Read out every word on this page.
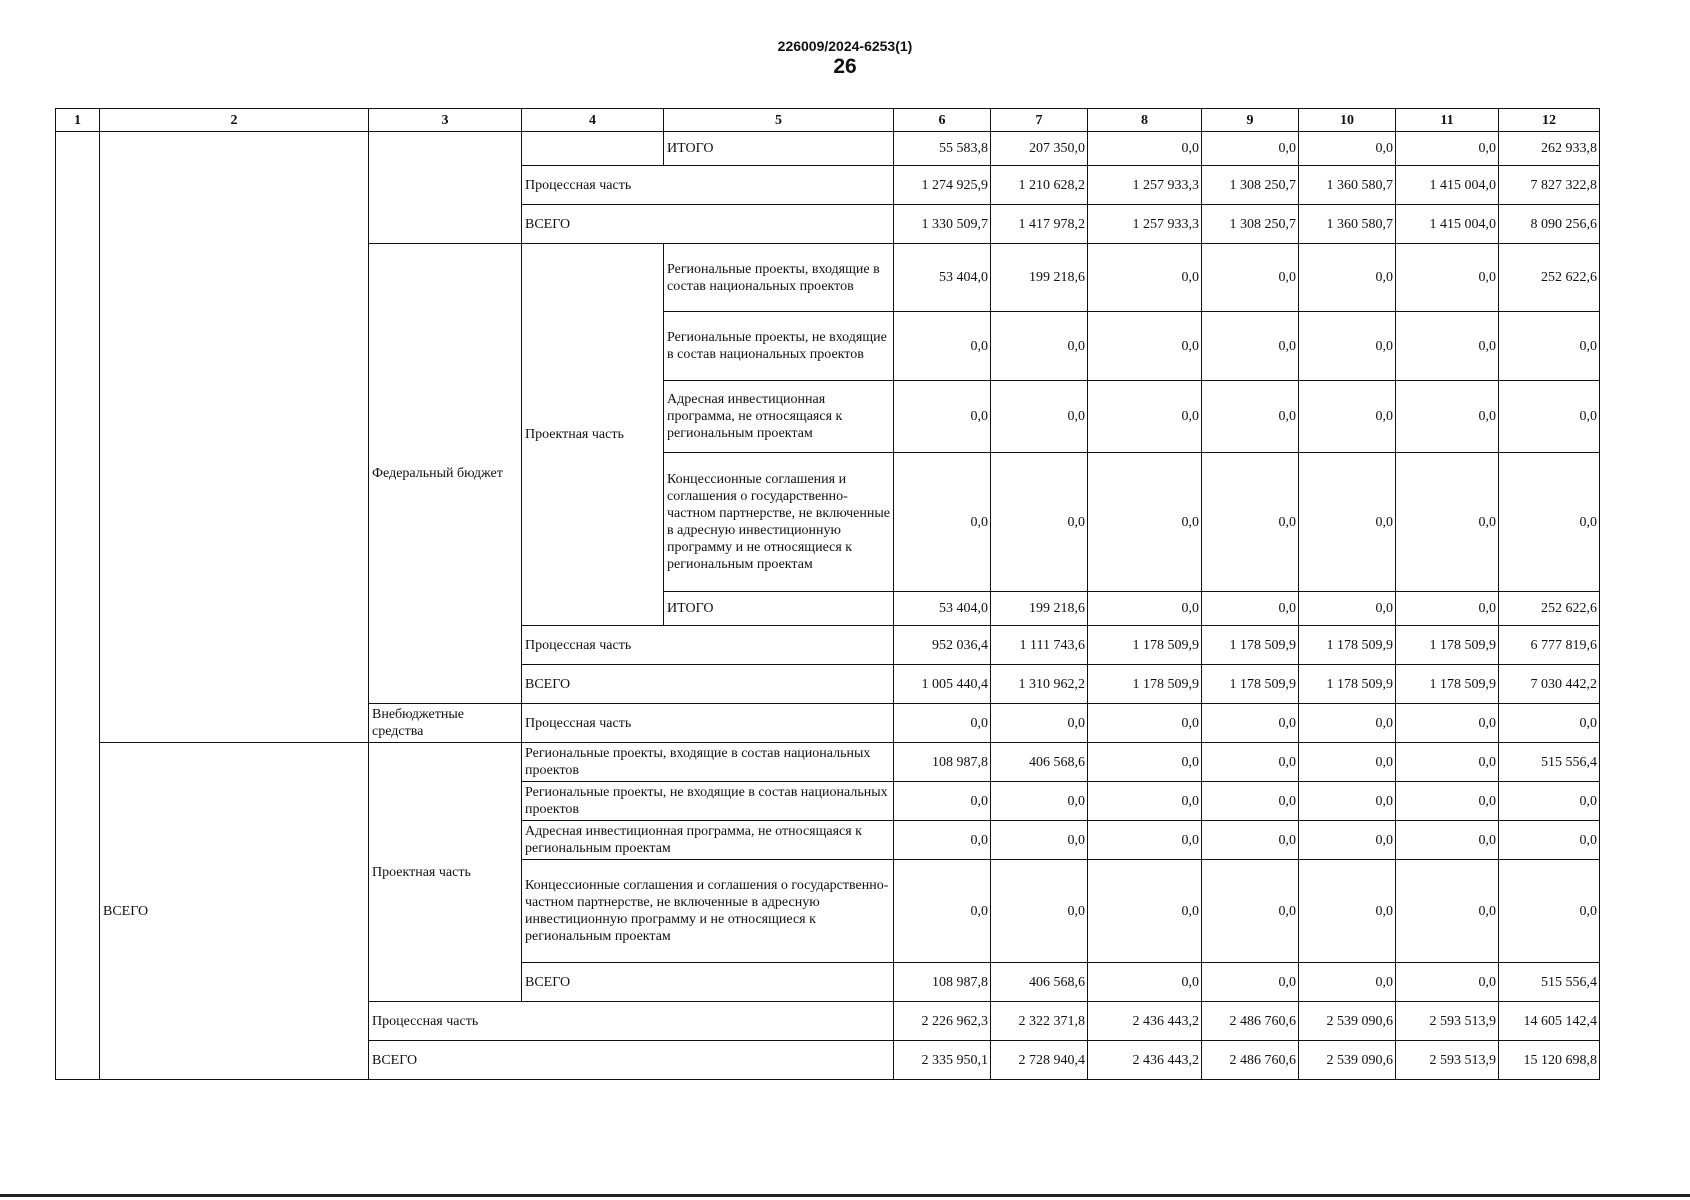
226009/2024-6253(1)
26
1	2	3	4	5	6	7	8	9	10	11	12
				ИТОГО	55 583,8	207 350,0	0,0	0,0	0,0	0,0	262 933,8
			Процессная часть		1 274 925,9	1 210 628,2	1 257 933,3	1 308 250,7	1 360 580,7	1 415 004,0	7 827 322,8
			ВСЕГО		1 330 509,7	1 417 978,2	1 257 933,3	1 308 250,7	1 360 580,7	1 415 004,0	8 090 256,6
		Федеральный бюджет	Проектная часть	Региональные проекты, входящие в состав национальных проектов	53 404,0	199 218,6	0,0	0,0	0,0	0,0	252 622,6
				Региональные проекты, не входящие в состав национальных проектов	0,0	0,0	0,0	0,0	0,0	0,0	0,0
				Адресная инвестиционная программа, не относящаяся к региональным проектам	0,0	0,0	0,0	0,0	0,0	0,0	0,0
				Концессионные соглашения и соглашения о государственно-частном партнерстве, не включенные в адресную инвестиционную программу и не относящиеся к региональным проектам	0,0	0,0	0,0	0,0	0,0	0,0	0,0
				ИТОГО	53 404,0	199 218,6	0,0	0,0	0,0	0,0	252 622,6
			Процессная часть		952 036,4	1 111 743,6	1 178 509,9	1 178 509,9	1 178 509,9	1 178 509,9	6 777 819,6
			ВСЕГО		1 005 440,4	1 310 962,2	1 178 509,9	1 178 509,9	1 178 509,9	1 178 509,9	7 030 442,2
		Внебюджетные средства	Процессная часть		0,0	0,0	0,0	0,0	0,0	0,0	0,0
	ВСЕГО	Проектная часть	Региональные проекты, входящие в состав национальных проектов		108 987,8	406 568,6	0,0	0,0	0,0	0,0	515 556,4
			Региональные проекты, не входящие в состав национальных проектов		0,0	0,0	0,0	0,0	0,0	0,0	0,0
			Адресная инвестиционная программа, не относящаяся к региональным проектам		0,0	0,0	0,0	0,0	0,0	0,0	0,0
			Концессионные соглашения и соглашения о государственно-частном партнерстве, не включенные в адресную инвестиционную программу и не относящиеся к региональным проектам		0,0	0,0	0,0	0,0	0,0	0,0	0,0
			ВСЕГО		108 987,8	406 568,6	0,0	0,0	0,0	0,0	515 556,4
		Процессная часть			2 226 962,3	2 322 371,8	2 436 443,2	2 486 760,6	2 539 090,6	2 593 513,9	14 605 142,4
		ВСЕГО			2 335 950,1	2 728 940,4	2 436 443,2	2 486 760,6	2 539 090,6	2 593 513,9	15 120 698,8
